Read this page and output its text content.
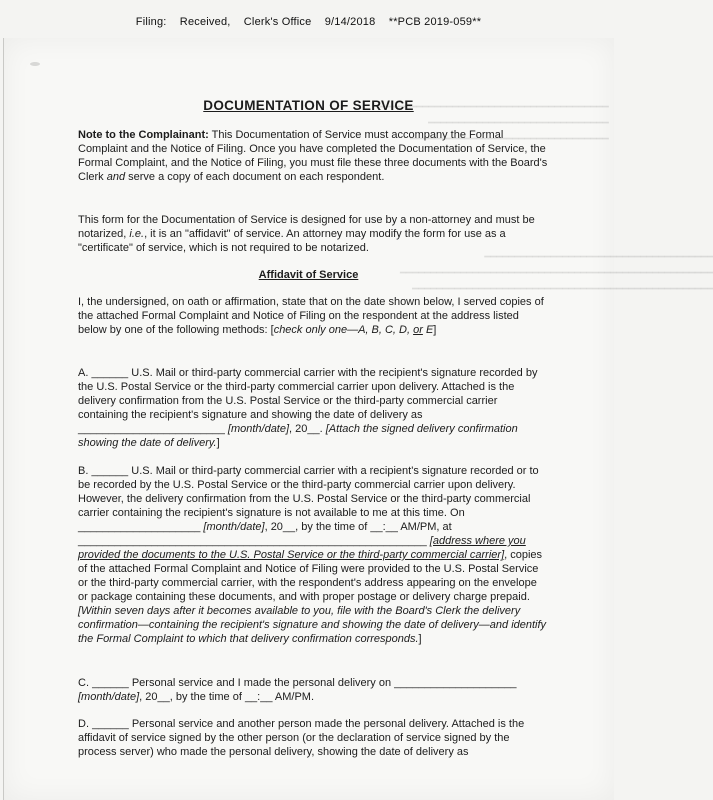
Filing: Received, Clerk's Office 9/14/2018 **PCB 2019-059**
━━━━━━━━━━━━━━━━━━━━━━━━━━━━━━━━━━━━━━
━━━━━━━━━━━━━━━━━━━━━━━━━━━━━━
━━━━━━━━━━━━━━━━━━━━━━━━━━━━━━━━━
━━━━━━━━━━━━━━━━━━━━━━━━━━━━━━━━━━━━━━
━━━━━━━━━━━━━━━━━━━━━━━━━━━━━━━━━━━━━━━━━━━━━━━━━━━━
━━━━━━━━━━━━━━━━━━━━━━━━━━━━━━━━━━━━━━━━━━━━━━━━━━
DOCUMENTATION OF SERVICE
Note to the Complainant: This Documentation of Service must accompany the Formal Complaint and the Notice of Filing. Once you have completed the Documentation of Service, the Formal Complaint, and the Notice of Filing, you must file these three documents with the Board's Clerk and serve a copy of each document on each respondent.
This form for the Documentation of Service is designed for use by a non-attorney and must be notarized, i.e., it is an "affidavit" of service. An attorney may modify the form for use as a "certificate" of service, which is not required to be notarized.
Affidavit of Service
I, the undersigned, on oath or affirmation, state that on the date shown below, I served copies of the attached Formal Complaint and Notice of Filing on the respondent at the address listed below by one of the following methods: [check only one—A, B, C, D, or E]
A. ______ U.S. Mail or third-party commercial carrier with the recipient's signature recorded by the U.S. Postal Service or the third-party commercial carrier upon delivery. Attached is the delivery confirmation from the U.S. Postal Service or the third-party commercial carrier containing the recipient's signature and showing the date of delivery as ________________________ [month/date], 20__. [Attach the signed delivery confirmation showing the date of delivery.]
B. ______ U.S. Mail or third-party commercial carrier with a recipient's signature recorded or to be recorded by the U.S. Postal Service or the third-party commercial carrier upon delivery. However, the delivery confirmation from the U.S. Postal Service or the third-party commercial carrier containing the recipient's signature is not available to me at this time. On ____________________ [month/date], 20__, by the time of __:__ AM/PM, at _________________________________________________________ [address where you provided the documents to the U.S. Postal Service or the third-party commercial carrier], copies of the attached Formal Complaint and Notice of Filing were provided to the U.S. Postal Service or the third-party commercial carrier, with the respondent's address appearing on the envelope or package containing these documents, and with proper postage or delivery charge prepaid. [Within seven days after it becomes available to you, file with the Board's Clerk the delivery confirmation—containing the recipient's signature and showing the date of delivery—and identify the Formal Complaint to which that delivery confirmation corresponds.]
C. ______ Personal service and I made the personal delivery on ____________________ [month/date], 20__, by the time of __:__ AM/PM.
D. ______ Personal service and another person made the personal delivery. Attached is the affidavit of service signed by the other person (or the declaration of service signed by the process server) who made the personal delivery, showing the date of delivery as
